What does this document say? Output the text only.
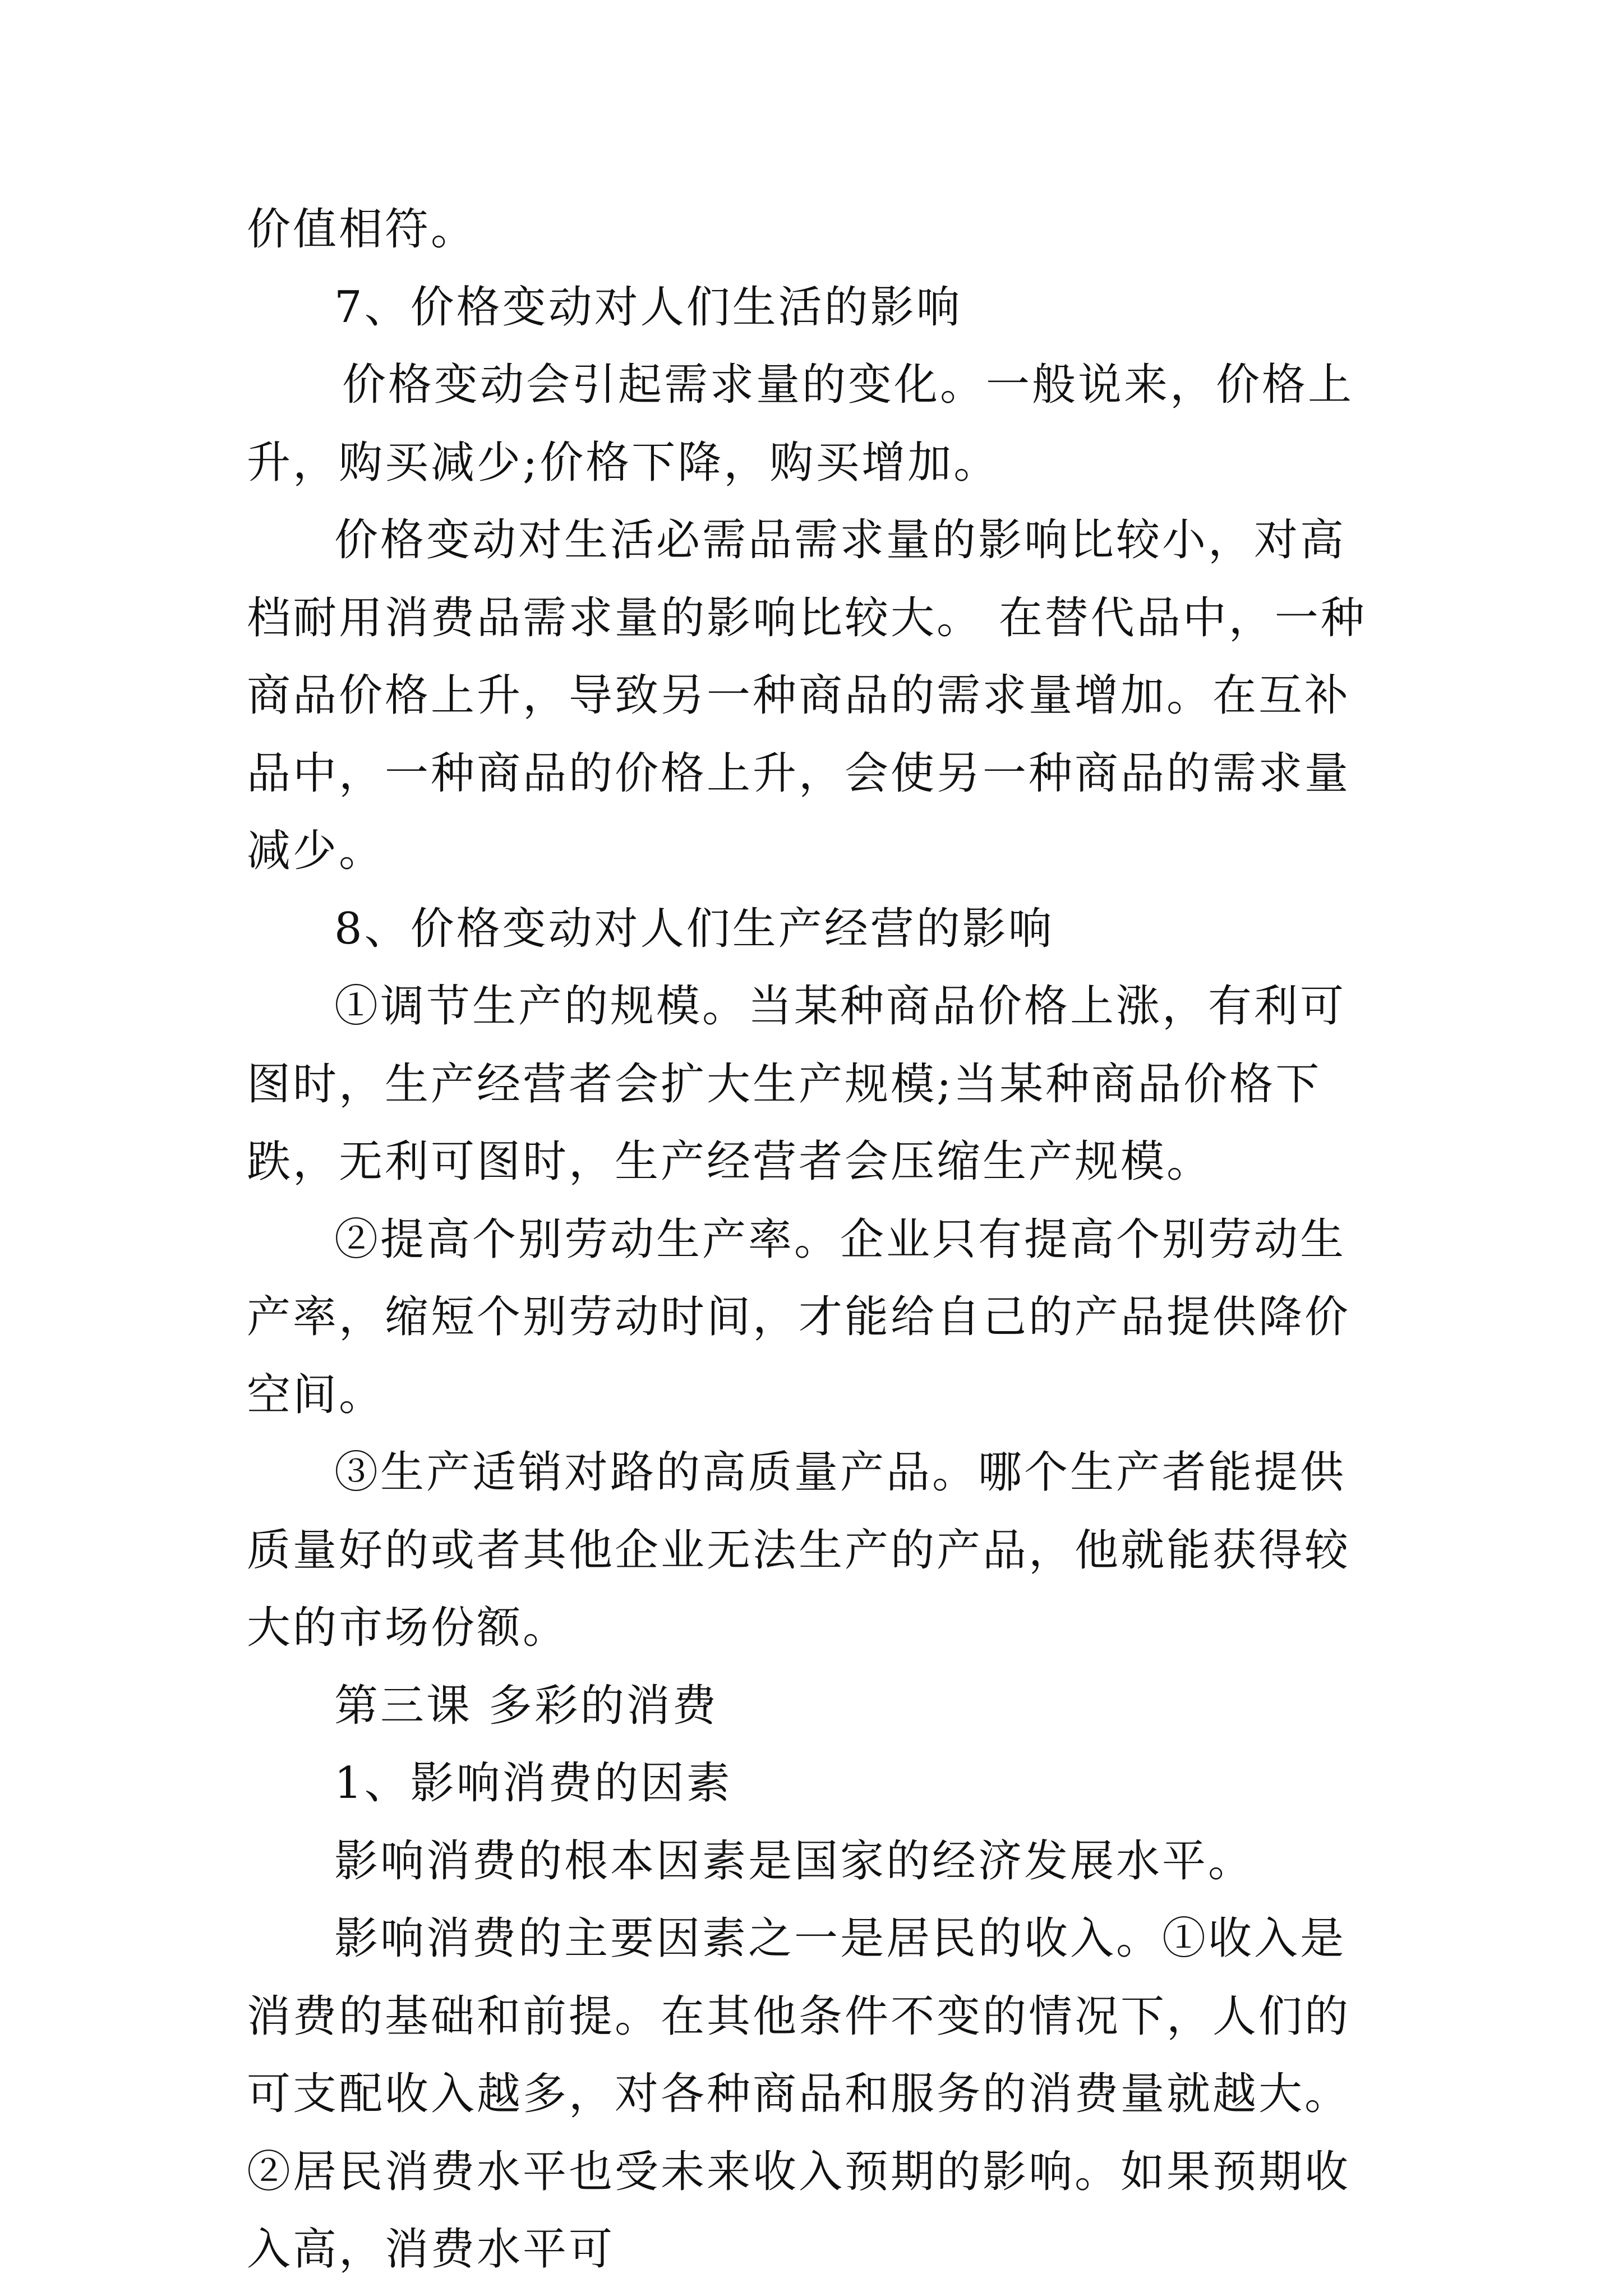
价值相符。

7、价格变动对人们生活的影响

价格变动会引起需求量的变化。一般说来，价格上升，购买减少;价格下降，购买增加。

价格变动对生活必需品需求量的影响比较小，对高档耐用消费品需求量的影响比较大。 在替代品中，一种商品价格上升，导致另一种商品的需求量增加。在互补品中，一种商品的价格上升，会使另一种商品的需求量减少。

8、价格变动对人们生产经营的影响

①调节生产的规模。当某种商品价格上涨，有利可图时，生产经营者会扩大生产规模;当某种商品价格下跌，无利可图时，生产经营者会压缩生产规模。

②提高个别劳动生产率。企业只有提高个别劳动生产率，缩短个别劳动时间，才能给自己的产品提供降价空间。

③生产适销对路的高质量产品。哪个生产者能提供质量好的或者其他企业无法生产的产品，他就能获得较大的市场份额。

第三课 多彩的消费

1、影响消费的因素

影响消费的根本因素是国家的经济发展水平。

影响消费的主要因素之一是居民的收入。①收入是消费的基础和前提。在其他条件不变的情况下，人们的可支配收入越多，对各种商品和服务的消费量就越大。②居民消费水平也受未来收入预期的影响。如果预期收入高，消费水平可
